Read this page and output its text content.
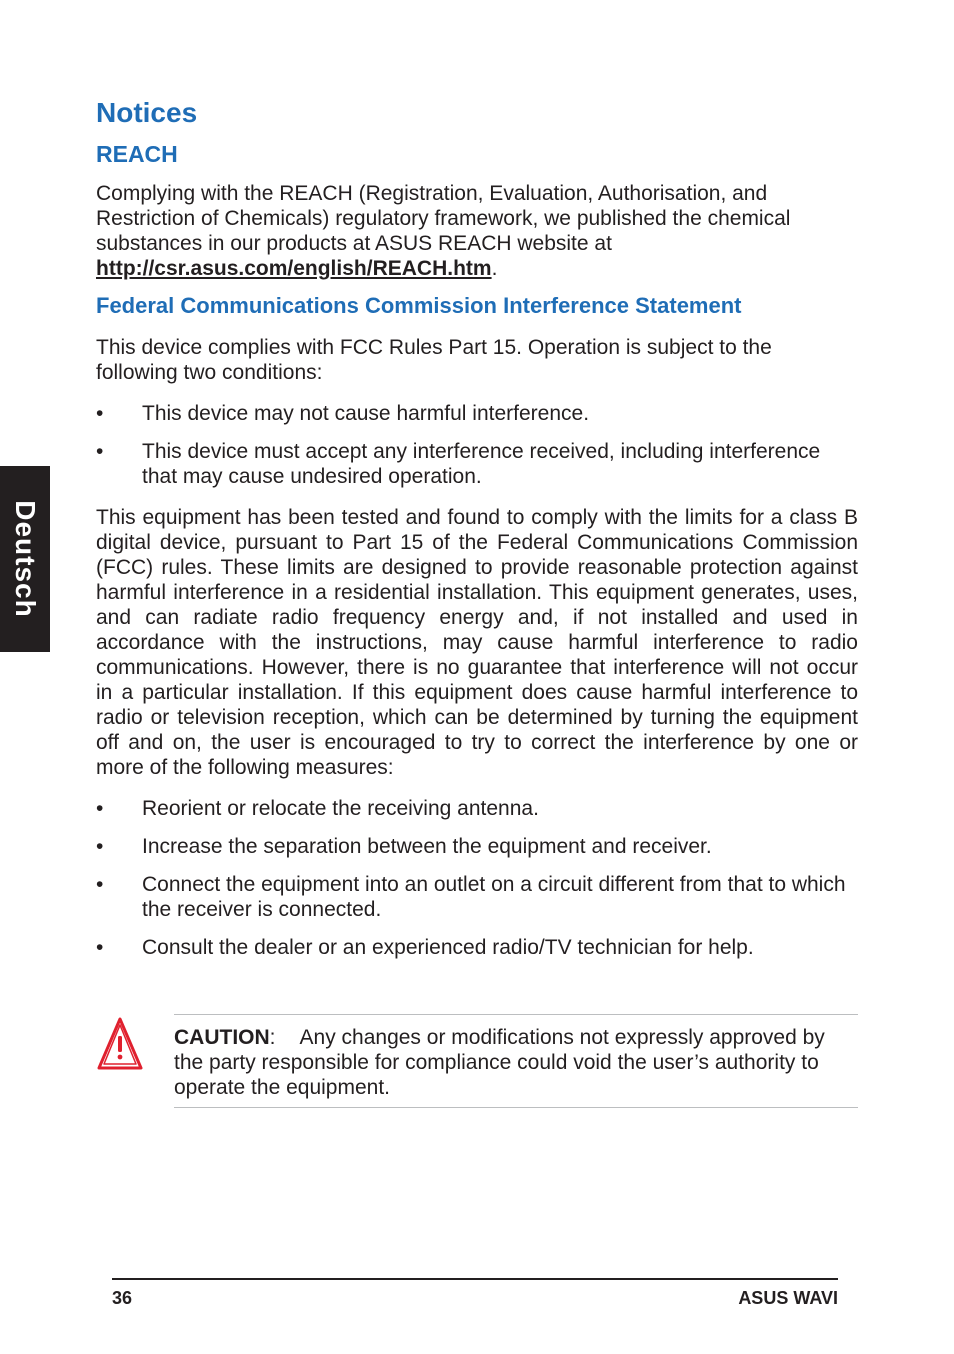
Deutsch
Notices
REACH

Complying with the REACH (Registration, Evaluation, Authorisation, and Restriction of Chemicals) regulatory framework, we published the chemical substances in our products at ASUS REACH website at
http://csr.asus.com/english/REACH.htm.

Federal Communications Commission Interference Statement

This device complies with FCC Rules Part 15. Operation is subject to the following two conditions:

• This device may not cause harmful interference.
• This device must accept any interference received, including interference that may cause undesired operation.

This equipment has been tested and found to comply with the limits for a class B digital device, pursuant to Part 15 of the Federal Communications Commission (FCC) rules. These limits are designed to provide reasonable protection against harmful interference in a residential installation. This equipment generates, uses, and can radiate radio frequency energy and, if not installed and used in accordance with the instructions, may cause harmful interference to radio communications. However, there is no guarantee that interference will not occur in a particular installation. If this equipment does cause harmful interference to radio or television reception, which can be determined by turning the equipment off and on, the user is encouraged to try to correct the interference by one or more of the following measures:

• Reorient or relocate the receiving antenna.
• Increase the separation between the equipment and receiver.
• Connect the equipment into an outlet on a circuit different from that to which the receiver is connected.
• Consult the dealer or an experienced radio/TV technician for help.

CAUTION: Any changes or modifications not expressly approved by the party responsible for compliance could void the user’s authority to operate the equipment.

36	ASUS WAVI
